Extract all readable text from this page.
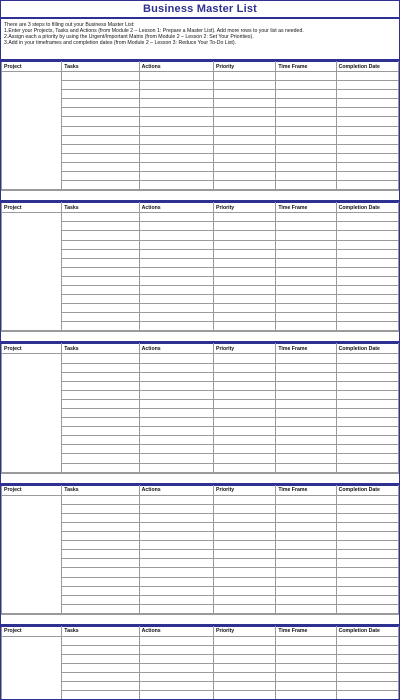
Business Master List
There are 3 steps to filling out your Business Master List:
1.Enter your Projects, Tasks and Actions (from Module 2 – Lesson 1: Prepare a Master List). Add more rows to your list as needed.
2.Assign each a priority by using the Urgent/Important Matrix (from Module 2 – Lesson 2: Set Your Priorities).
3.Add in your timeframes and completion dates (from Module 2 – Lesson 3: Reduce Your To-Do List).
Project	Tasks	Actions	Priority	Time Frame	Completion Date

Project	Tasks	Actions	Priority	Time Frame	Completion Date

Project	Tasks	Actions	Priority	Time Frame	Completion Date

Project	Tasks	Actions	Priority	Time Frame	Completion Date

Project	Tasks	Actions	Priority	Time Frame	Completion Date
